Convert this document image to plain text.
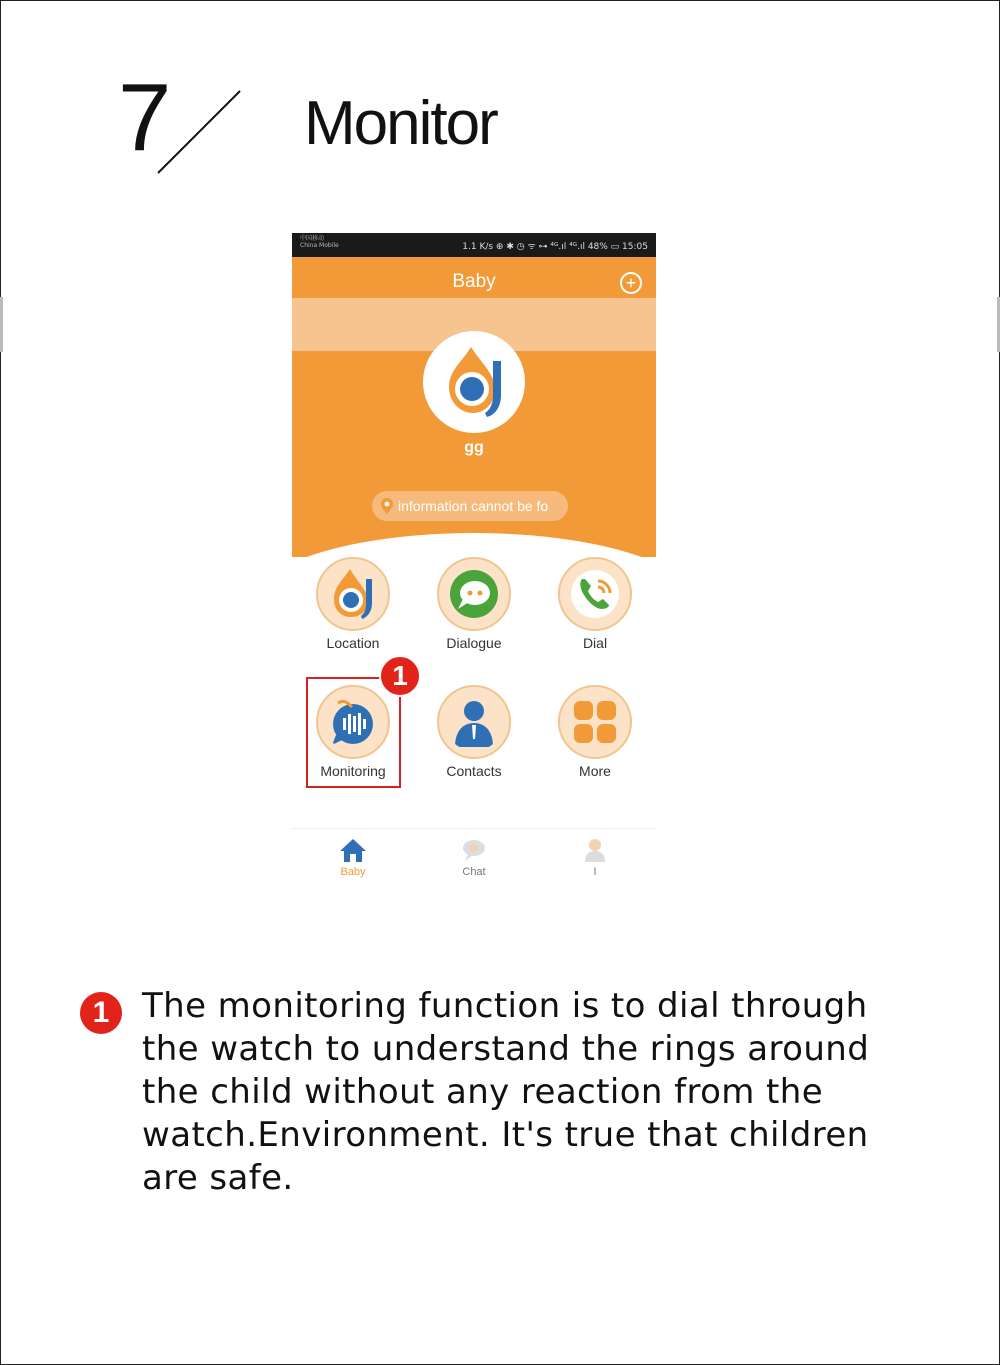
7 Monitor
中国移动
China Mobile	1.1 K/s ⊕ ✱ ◷ ᯤ ⊶ ⁴ᴳ.ıl ⁴ᴳ.ıl 48% ▭ 15:05
Baby	+
gg
information cannot be fo
Location	Dialogue	Dial
Monitoring	Contacts	More
1
Baby	Chat	I
1 The monitoring function is to dial through the watch to understand the rings around the child without any reaction from the watch.Environment. It's true that children are safe.
